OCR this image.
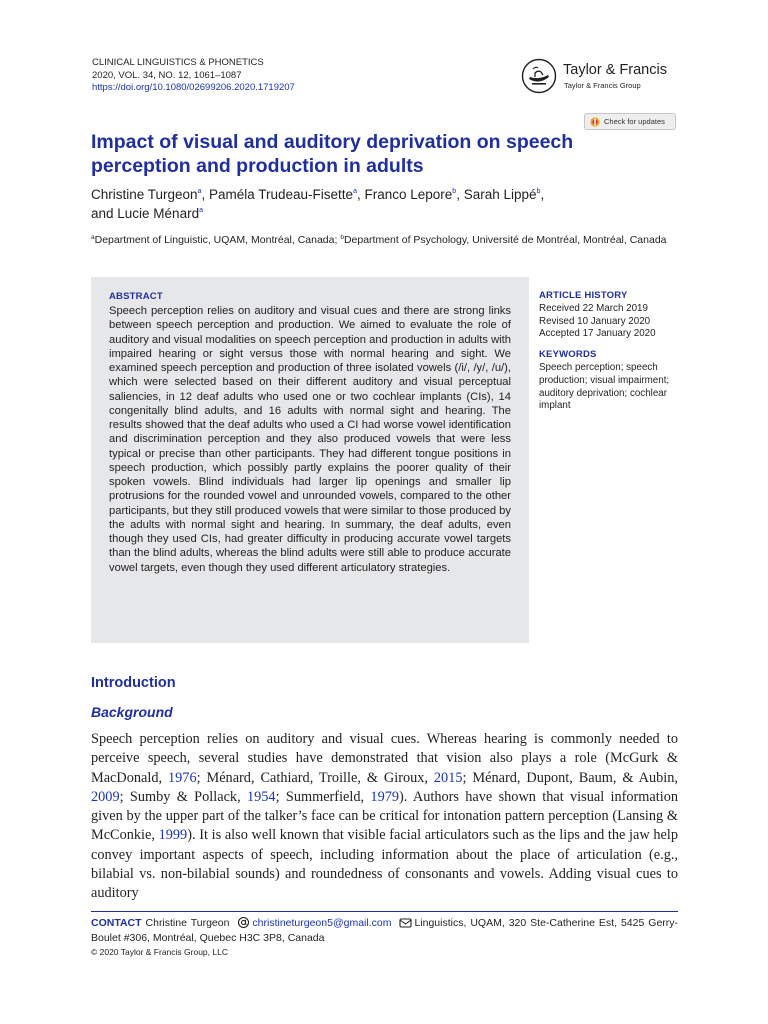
CLINICAL LINGUISTICS & PHONETICS
2020, VOL. 34, NO. 12, 1061–1087
https://doi.org/10.1080/02699206.2020.1719207
Taylor & Francis
Taylor & Francis Group
Check for updates
Impact of visual and auditory deprivation on speech perception and production in adults
Christine Turgeon$^a$, Paméla Trudeau-Fisette$^a$, Franco Lepore$^b$, Sarah Lippé$^b$,
and Lucie Ménard$^a$
$^a$Department of Linguistic, UQAM, Montréal, Canada; $^b$Department of Psychology, Université de Montréal, Montréal, Canada
ABSTRACT

Speech perception relies on auditory and visual cues and there are strong links between speech perception and production. We aimed to evaluate the role of auditory and visual modalities on speech perception and production in adults with impaired hearing or sight versus those with normal hearing and sight. We examined speech perception and production of three isolated vowels (/i/, /y/, /u/), which were selected based on their different auditory and visual perceptual saliencies, in 12 deaf adults who used one or two cochlear implants (CIs), 14 congenitally blind adults, and 16 adults with normal sight and hearing. The results showed that the deaf adults who used a CI had worse vowel identification and discrimination perception and they also produced vowels that were less typical or precise than other participants. They had different tongue positions in speech production, which possibly partly explains the poorer quality of their spoken vowels. Blind individuals had larger lip openings and smaller lip protrusions for the rounded vowel and unrounded vowels, compared to the other participants, but they still produced vowels that were similar to those produced by the adults with normal sight and hearing. In summary, the deaf adults, even though they used CIs, had greater difficulty in producing accurate vowel targets than the blind adults, whereas the blind adults were still able to produce accurate vowel targets, even though they used different articulatory strategies.

ARTICLE HISTORY
Received 22 March 2019
Revised 10 January 2020
Accepted 17 January 2020
KEYWORDS
Speech perception; speech production; visual impairment; auditory deprivation; cochlear implant
Introduction
Background

Speech perception relies on auditory and visual cues. Whereas hearing is commonly needed to perceive speech, several studies have demonstrated that vision also plays a role (McGurk & MacDonald, 1976; Ménard, Cathiard, Troille, & Giroux, 2015; Ménard, Dupont, Baum, & Aubin, 2009; Sumby & Pollack, 1954; Summerfield, 1979). Authors have shown that visual information given by the upper part of the talker’s face can be critical for intonation pattern perception (Lansing & McConkie, 1999). It is also well known that visible facial articulators such as the lips and the jaw help convey important aspects of speech, including information about the place of articulation (e.g., bilabial vs. non-bilabial sounds) and roundedness of consonants and vowels. Adding visual cues to auditory

CONTACT Christine Turgeon christineturgeon5@gmail.com Linguistics, UQAM, 320 Ste-Catherine Est, 5425 Gerry-Boulet #306, Montréal, Quebec H3C 3P8, Canada
© 2020 Taylor & Francis Group, LLC
